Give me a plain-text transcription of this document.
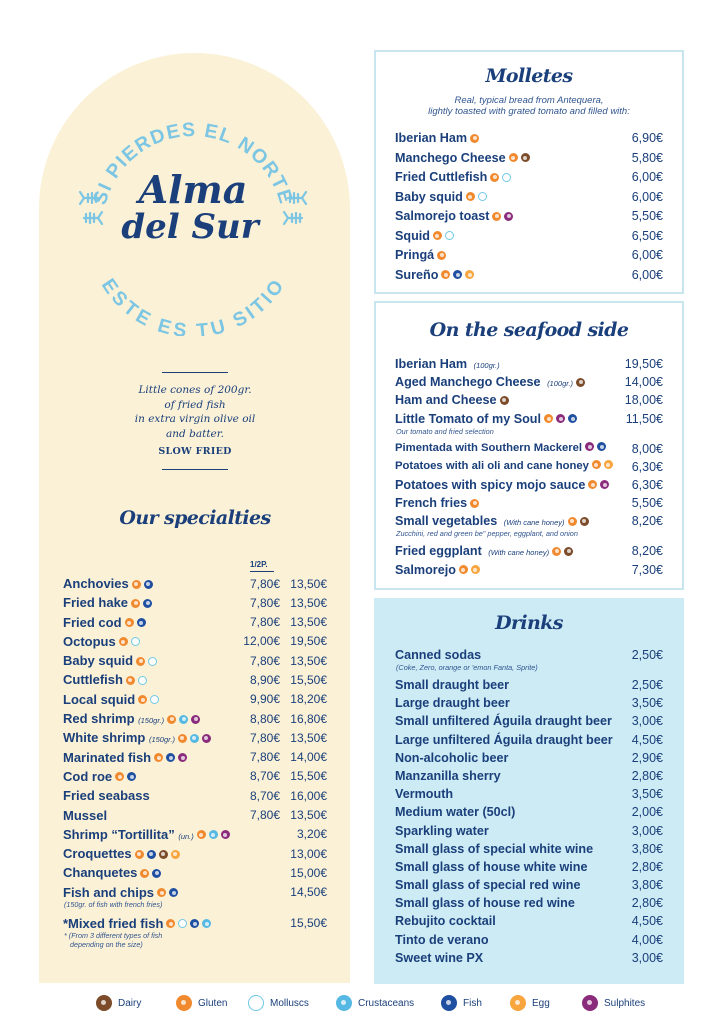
SI PIERDES EL NORTE
ESTE ES TU SITIO
Alma
del Sur
Little cones of 200gr.
of fried fish
in extra virgin olive oil
and batter.
SLOW FRIED
Our specialties
1/2P.
Anchovies	7,80€ 13,50€
Fried hake	7,80€ 13,50€
Fried cod	7,80€ 13,50€
Octopus	12,00€ 19,50€
Baby squid	7,80€ 13,50€
Cuttlefish	8,90€ 15,50€
Local squid	9,90€ 18,20€
Red shrimp (150gr.)	8,80€ 16,80€
White shrimp (150gr.)	7,80€ 13,50€
Marinated fish	7,80€ 14,00€
Cod roe	8,70€ 15,50€
Fried seabass	8,70€ 16,00€
Mussel	7,80€ 13,50€
Shrimp “Tortillita” (un.)	3,20€
Croquettes	13,00€
Chanquetes	15,00€
Fish and chips	14,50€
(150gr. of fish with french fries)
*Mixed fried fish	15,50€
* (From 3 different types of fish
depending on the size)
Molletes
Real, typical bread from Antequera,
lightly toasted with grated tomato and filled with:
Iberian Ham	6,90€
Manchego Cheese	5,80€
Fried Cuttlefish	6,00€
Baby squid	6,00€
Salmorejo toast	5,50€
Squid	6,50€
Pringá	6,00€
Sureño	6,00€
On the seafood side
Iberian Ham (100gr.)	19,50€
Aged Manchego Cheese (100gr.)	14,00€
Ham and Cheese	18,00€
Little Tomato of my Soul	11,50€
Our tomato and fried selection
Pimentada with Southern Mackerel	8,00€
Potatoes with ali oli and cane honey	6,30€
Potatoes with spicy mojo sauce	6,30€
French fries	5,50€
Small vegetables (With cane honey)	8,20€
Zucchini, red and green be" pepper, eggplant, and onion
Fried eggplant (With cane honey)	8,20€
Salmorejo	7,30€
Drinks
Canned sodas	2,50€
(Coke, Zero, orange or 'emon Fanta, Sprite)
Small draught beer	2,50€
Large draught beer	3,50€
Small unfiltered Águila draught beer 3,00€
Large unfiltered Águila draught beer 4,50€
Non-alcoholic beer	2,90€
Manzanilla sherry	2,80€
Vermouth	3,50€
Medium water (50cl)	2,00€
Sparkling water	3,00€
Small glass of special white wine	3,80€
Small glass of house white wine	2,80€
Small glass of special red wine	3,80€
Small glass of house red wine	2,80€
Rebujito cocktail	4,50€
Tinto de verano	4,00€
Sweet wine PX	3,00€
Dairy	Gluten	Molluscs	Crustaceans	Fish	Egg	Sulphites
